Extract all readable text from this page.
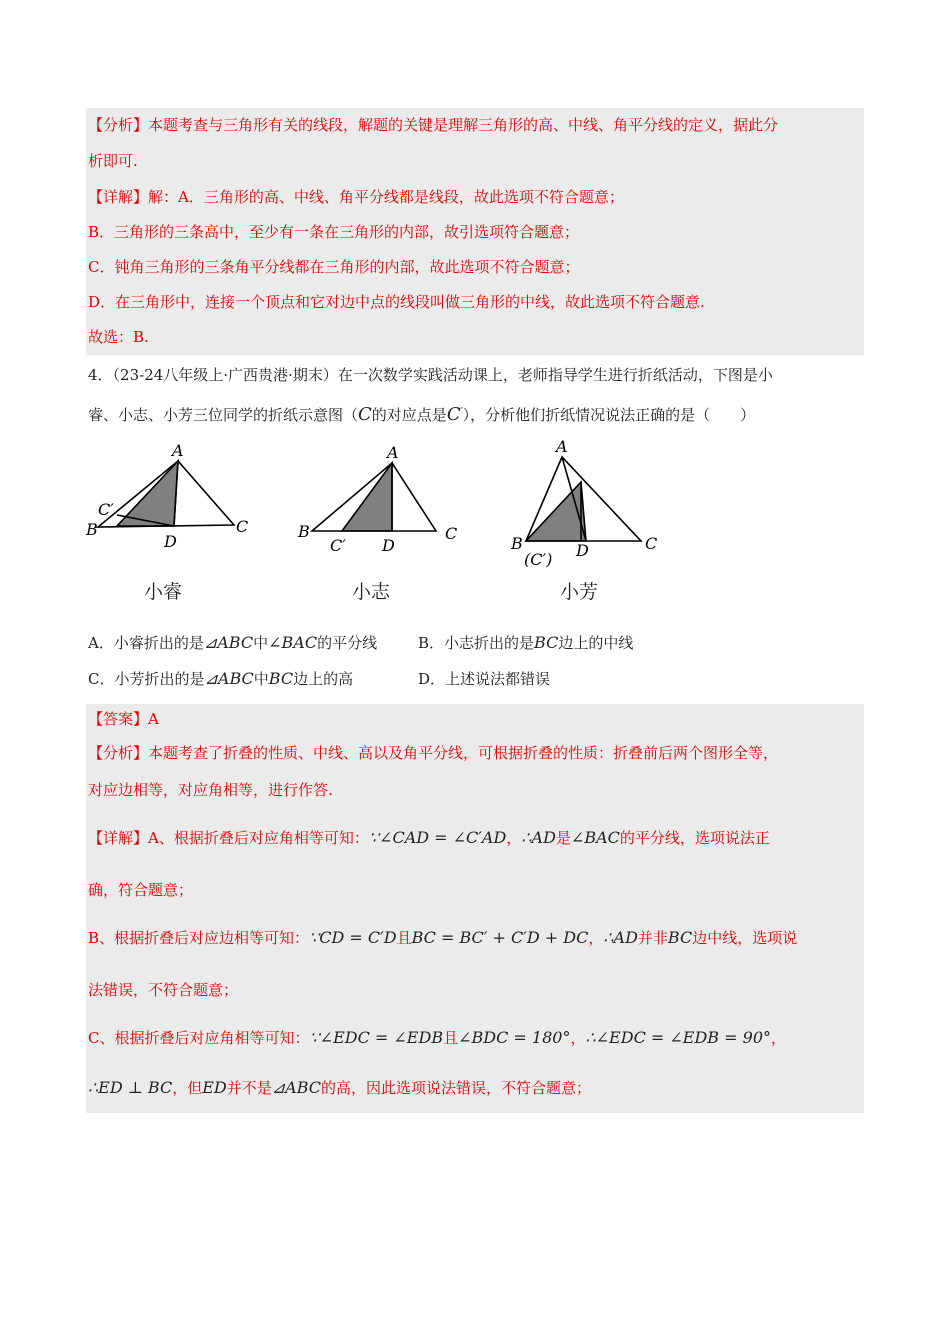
【分析】本题考查与三角形有关的线段，解题的关键是理解三角形的高、中线、角平分线的定义，据此分
析即可.
【详解】解：A．三角形的高、中线、角平分线都是线段，故此选项不符合题意；
B．三角形的三条高中，至少有一条在三角形的内部，故引选项符合题意；
C．钝角三角形的三条角平分线都在三角形的内部，故此选项不符合题意；
D．在三角形中，连接一个顶点和它对边中点的线段叫做三角形的中线，故此选项不符合题意.
故选：B.
4．（23-24八年级上·广西贵港·期末）在一次数学实践活动课上，老师指导学生进行折纸活动，下图是小
睿、小志、小芳三位同学的折纸示意图（C的对应点是C′），分析他们折纸情况说法正确的是（　　）
A
B	C
D
C′
小睿
A
B	C
D
C′
小志
A
B	C
D
(C′)
小芳
A．小睿折出的是⊿ABC中∠BAC的平分线	B．小志折出的是BC边上的中线
C．小芳折出的是⊿ABC中BC边上的高	D．上述说法都错误
【答案】A
【分析】本题考查了折叠的性质、中线、高以及角平分线，可根据折叠的性质：折叠前后两个图形全等，
对应边相等，对应角相等，进行作答.
【详解】A、根据折叠后对应角相等可知：∵∠CAD = ∠C′AD，∴AD是∠BAC的平分线，选项说法正
确，符合题意；
B、根据折叠后对应边相等可知：∵CD = C′D且BC = BC′ + C′D + DC，∴AD并非BC边中线，选项说
法错误，不符合题意；
C、根据折叠后对应角相等可知：∵∠EDC = ∠EDB且∠BDC = 180°，∴∠EDC = ∠EDB = 90°，
∴ED ⊥ BC，但ED并不是⊿ABC的高，因此选项说法错误，不符合题意；
